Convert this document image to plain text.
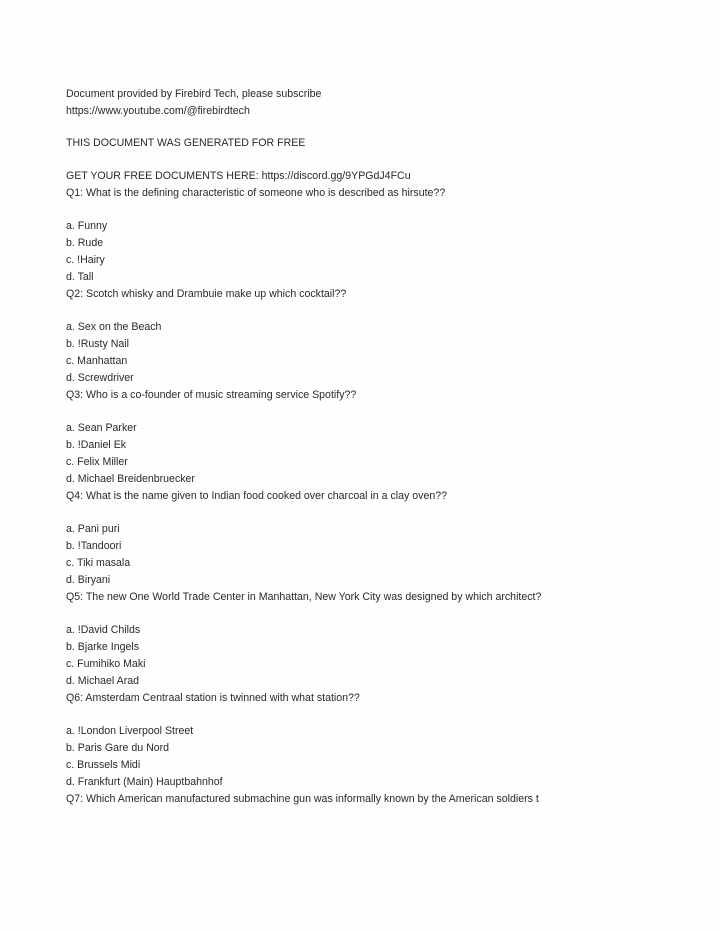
Document provided by Firebird Tech, please subscribe
https://www.youtube.com/@firebirdtech
THIS DOCUMENT WAS GENERATED FOR FREE
GET YOUR FREE DOCUMENTS HERE: https://discord.gg/9YPGdJ4FCu
Q1: What is the defining characteristic of someone who is described as hirsute??
a. Funny
b. Rude
c. !Hairy
d. Tall
Q2: Scotch whisky and Drambuie make up which cocktail??
a. Sex on the Beach
b. !Rusty Nail
c. Manhattan
d. Screwdriver
Q3: Who is a co-founder of music streaming service Spotify??
a. Sean Parker
b. !Daniel Ek
c. Felix Miller
d. Michael Breidenbruecker
Q4: What is the name given to Indian food cooked over charcoal in a clay oven??
a. Pani puri
b. !Tandoori
c. Tiki masala
d. Biryani
Q5: The new One World Trade Center in Manhattan, New York City was designed by which architect?
a. !David Childs
b. Bjarke Ingels
c. Fumihiko Maki
d. Michael Arad
Q6: Amsterdam Centraal station is twinned with what station??
a. !London Liverpool Street
b. Paris Gare du Nord
c. Brussels Midi
d. Frankfurt (Main) Hauptbahnhof
Q7: Which American manufactured submachine gun was informally known by the American soldiers t
